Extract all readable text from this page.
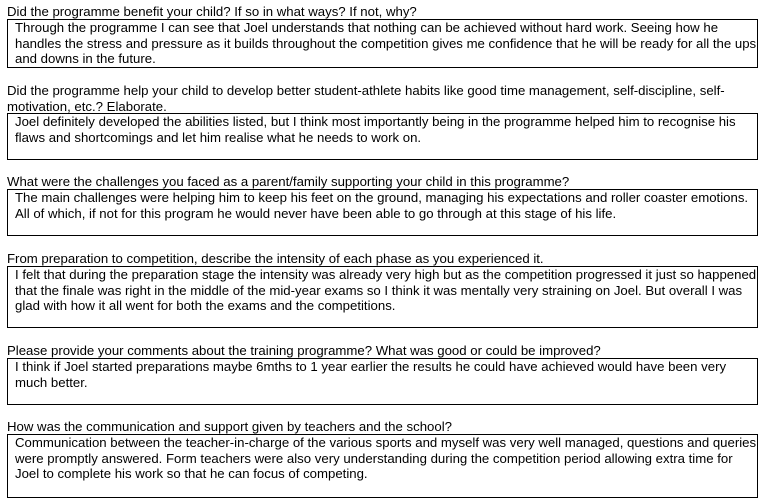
Did the programme benefit your child? If so in what ways? If not, why?
Through the programme I can see that Joel understands that nothing can be achieved without hard work. Seeing how he handles the stress and pressure as it builds throughout the competition gives me confidence that he will be ready for all the ups and downs in the future.
Did the programme help your child to develop better student-athlete habits like good time management, self-discipline, self-motivation, etc.? Elaborate.
Joel definitely developed the abilities listed, but I think most importantly being in the programme helped him to recognise his flaws and shortcomings and let him realise what he needs to work on.
What were the challenges you faced as a parent/family supporting your child in this programme?
The main challenges were helping him to keep his feet on the ground, managing his expectations and roller coaster emotions. All of which, if not for this program he would never have been able to go through at this stage of his life.
From preparation to competition, describe the intensity of each phase as you experienced it.
I felt that during the preparation stage the intensity was already very high but as the competition progressed it just so happened that the finale was right in the middle of the mid-year exams so I think it was mentally very straining on Joel. But overall I was glad with how it all went for both the exams and the competitions.
Please provide your comments about the training programme? What was good or could be improved?
I think if Joel started preparations maybe 6mths to 1 year earlier the results he could have achieved would have been very much better.
How was the communication and support given by teachers and the school?
Communication between the teacher-in-charge of the various sports and myself was very well managed, questions and queries were promptly answered. Form teachers were also very understanding during the competition period allowing extra time for Joel to complete his work so that he can focus of competing.
